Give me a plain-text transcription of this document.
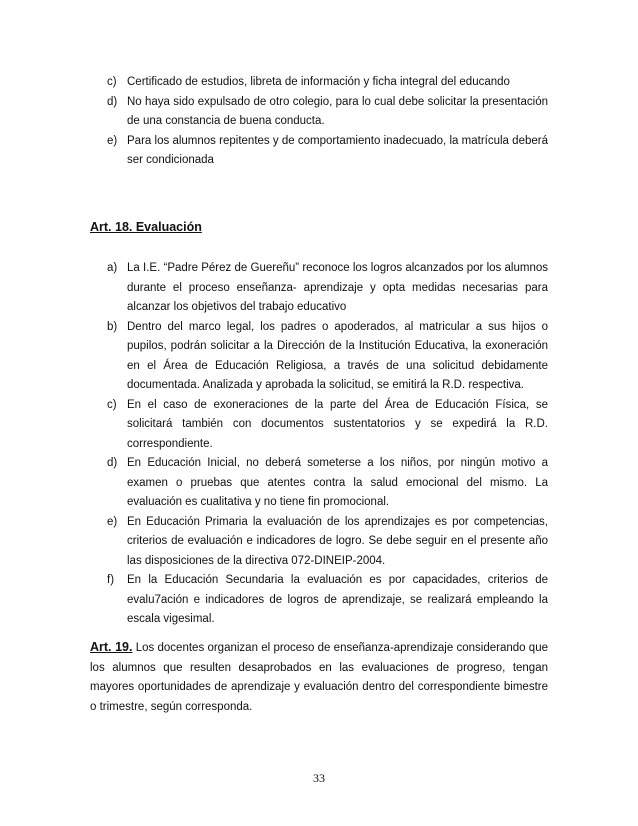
c) Certificado de estudios, libreta de información y ficha integral del educando
d) No haya sido expulsado de otro colegio, para lo cual debe solicitar la presentación de una constancia de buena conducta.
e) Para los alumnos repitentes y de comportamiento inadecuado, la matrícula deberá ser condicionada
Art. 18. Evaluación
a) La I.E. “Padre Pérez de Guereñu” reconoce los logros alcanzados por los alumnos durante el proceso enseñanza- aprendizaje y opta medidas necesarias para alcanzar los objetivos del trabajo educativo
b) Dentro del marco legal, los padres o apoderados, al matricular a sus hijos o pupilos, podrán solicitar a la Dirección de la Institución Educativa, la exoneración en el Área de Educación Religiosa, a través de una solicitud debidamente documentada. Analizada y aprobada la solicitud, se emitirá la R.D. respectiva.
c) En el caso de exoneraciones de la parte del Área de Educación Física, se solicitará también con documentos sustentatorios y se expedirá la R.D. correspondiente.
d) En Educación Inicial, no deberá someterse a los niños, por ningún motivo a examen o pruebas que atentes contra la salud emocional del mismo. La evaluación es cualitativa y no tiene fin promocional.
e) En Educación Primaria la evaluación de los aprendizajes es por competencias, criterios de evaluación e indicadores de logro. Se debe seguir en el presente año las disposiciones de la directiva 072-DINEIP-2004.
f) En la Educación Secundaria la evaluación es por capacidades, criterios de evalu7ación e indicadores de logros de aprendizaje, se realizará empleando la escala vigesimal.

Art. 19. Los docentes organizan el proceso de enseñanza-aprendizaje considerando que los alumnos que resulten desaprobados en las evaluaciones de progreso, tengan mayores oportunidades de aprendizaje y evaluación dentro del correspondiente bimestre o trimestre, según corresponda.

33
